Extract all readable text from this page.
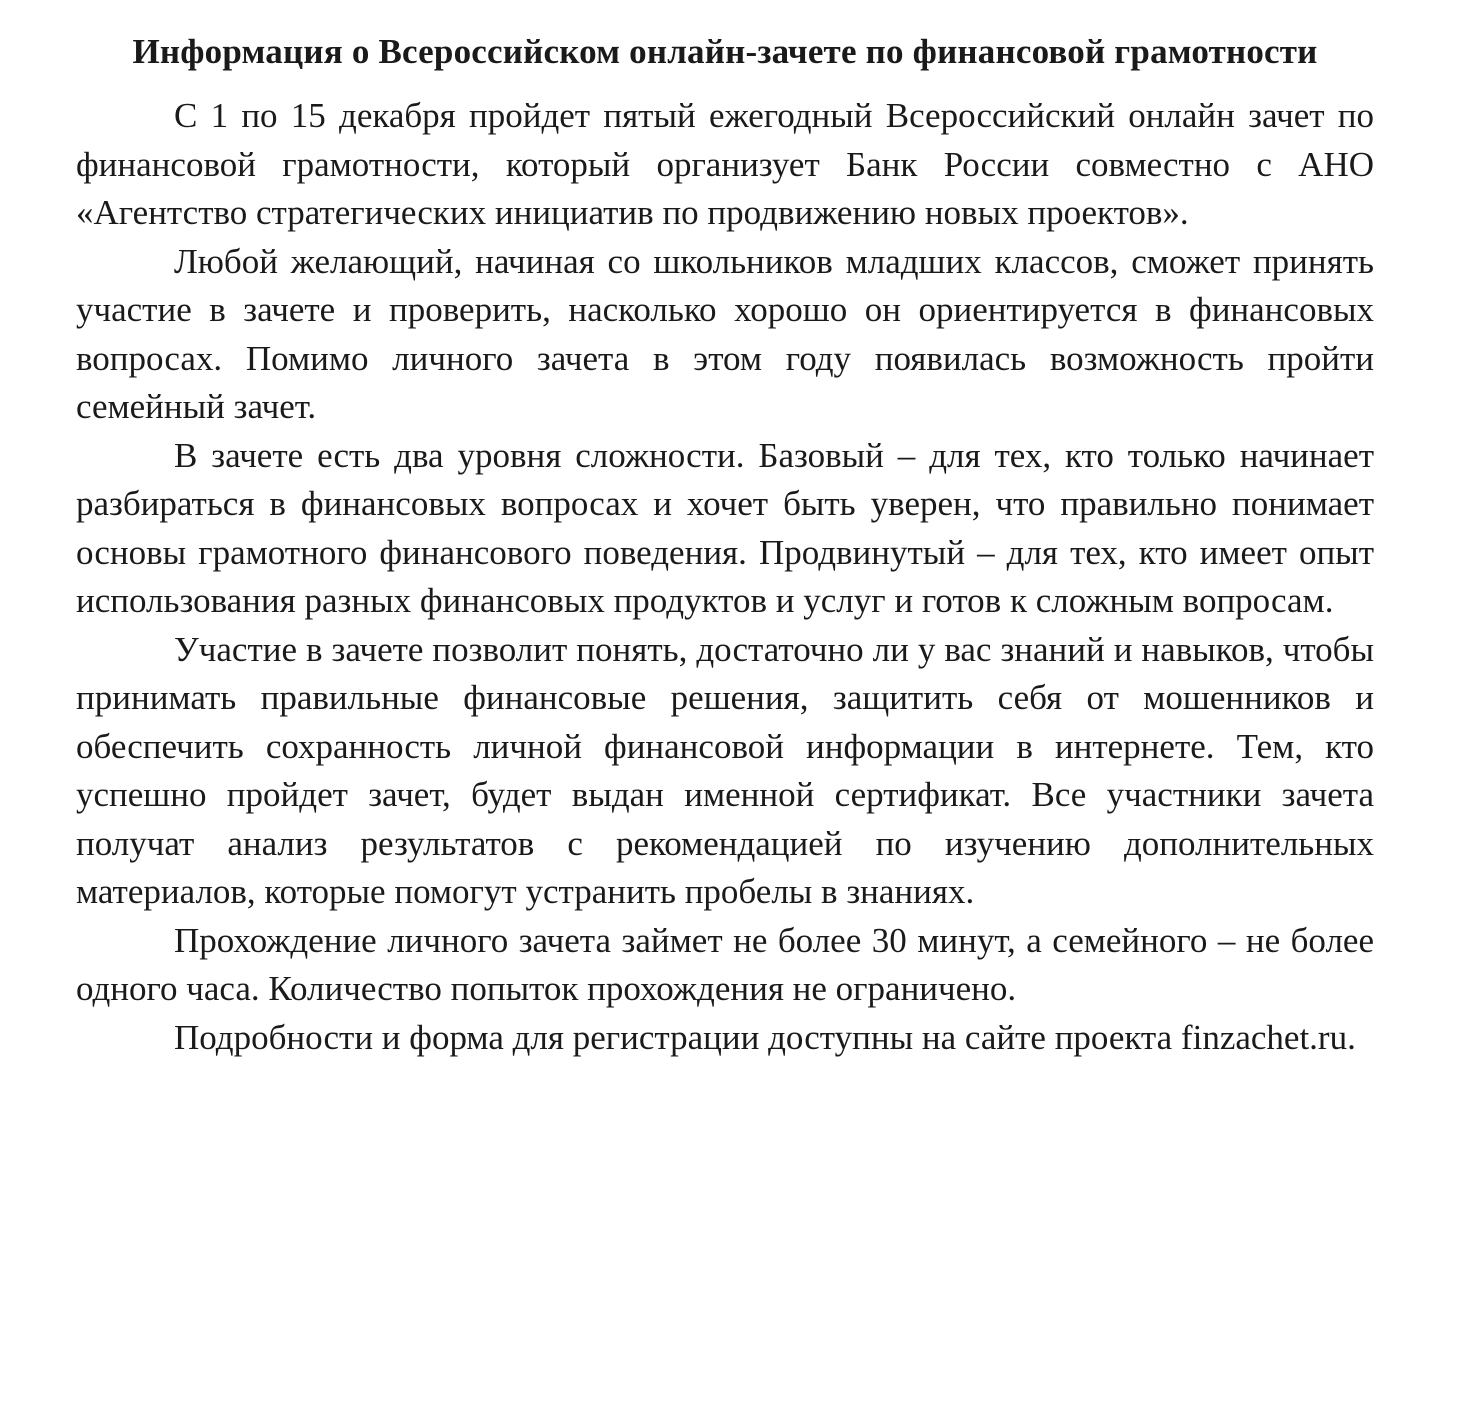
Информация о Всероссийском онлайн-зачете по финансовой грамотности

С 1 по 15 декабря пройдет пятый ежегодный Всероссийский онлайн зачет по финансовой грамотности, который организует Банк России совместно с АНО «Агентство стратегических инициатив по продвижению новых проектов».

Любой желающий, начиная со школьников младших классов, сможет принять участие в зачете и проверить, насколько хорошо он ориентируется в финансовых вопросах. Помимо личного зачета в этом году появилась возможность пройти семейный зачет.

В зачете есть два уровня сложности. Базовый – для тех, кто только начинает разбираться в финансовых вопросах и хочет быть уверен, что правильно понимает основы грамотного финансового поведения. Продвинутый – для тех, кто имеет опыт использования разных финансовых продуктов и услуг и готов к сложным вопросам.

Участие в зачете позволит понять, достаточно ли у вас знаний и навыков, чтобы принимать правильные финансовые решения, защитить себя от мошенников и обеспечить сохранность личной финансовой информации в интернете. Тем, кто успешно пройдет зачет, будет выдан именной сертификат. Все участники зачета получат анализ результатов с рекомендацией по изучению дополнительных материалов, которые помогут устранить пробелы в знаниях.

Прохождение личного зачета займет не более 30 минут, а семейного – не более одного часа. Количество попыток прохождения не ограничено.

Подробности и форма для регистрации доступны на сайте проекта finzachet.ru.
